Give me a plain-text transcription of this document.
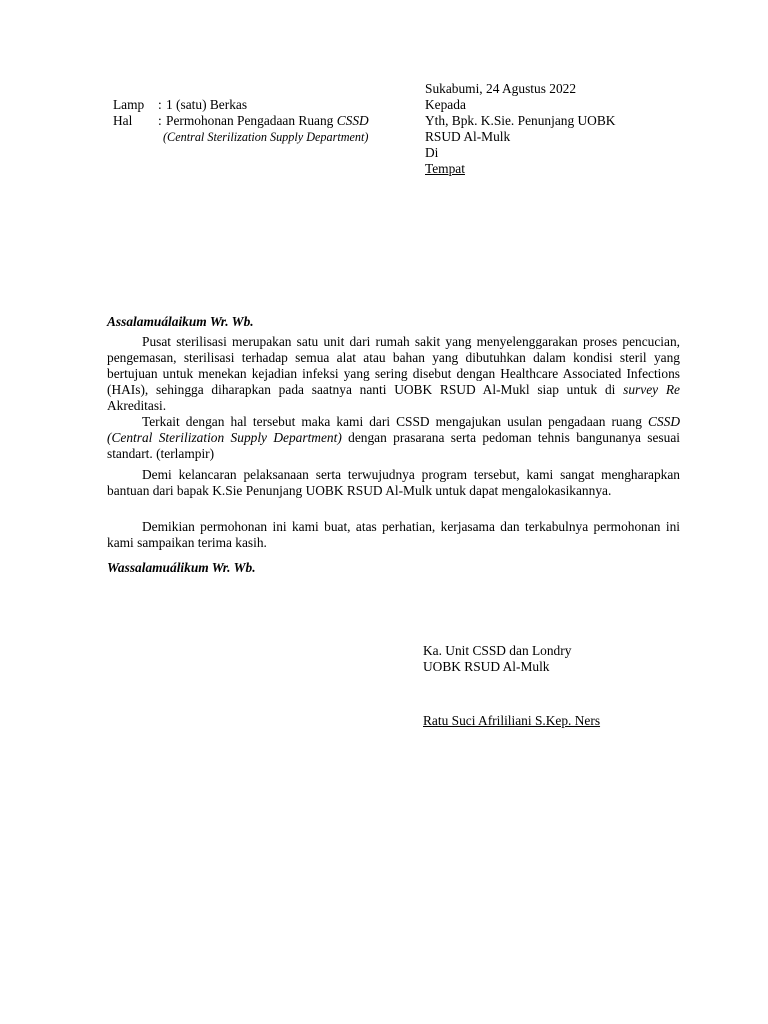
Sukabumi, 24 Agustus 2022
Kepada
Yth, Bpk. K.Sie. Penunjang UOBK
RSUD Al-Mulk
Di
Tempat
Lamp : 1 (satu) Berkas
Hal : Permohonan Pengadaan Ruang CSSD
(Central Sterilization Supply Department)
Assalamuálaikum Wr. Wb.

Pusat sterilisasi merupakan satu unit dari rumah sakit yang menyelenggarakan proses pencucian, pengemasan, sterilisasi terhadap semua alat atau bahan yang dibutuhkan dalam kondisi steril yang bertujuan untuk menekan kejadian infeksi yang sering disebut dengan Healthcare Associated Infections (HAIs), sehingga diharapkan pada saatnya nanti UOBK RSUD Al-Mukl siap untuk di survey Re Akreditasi.

Terkait dengan hal tersebut maka kami dari CSSD mengajukan usulan pengadaan ruang CSSD (Central Sterilization Supply Department) dengan prasarana serta pedoman tehnis bangunanya sesuai standart. (terlampir)

Demi kelancaran pelaksanaan serta terwujudnya program tersebut, kami sangat mengharapkan bantuan dari bapak K.Sie Penunjang UOBK RSUD Al-Mulk untuk dapat mengalokasikannya.

Demikian permohonan ini kami buat, atas perhatian, kerjasama dan terkabulnya permohonan ini kami sampaikan terima kasih.

Wassalamuálikum Wr. Wb.
Ka. Unit CSSD dan Londry
UOBK RSUD Al-Mulk
Ratu Suci Afrililiani S.Kep. Ners
